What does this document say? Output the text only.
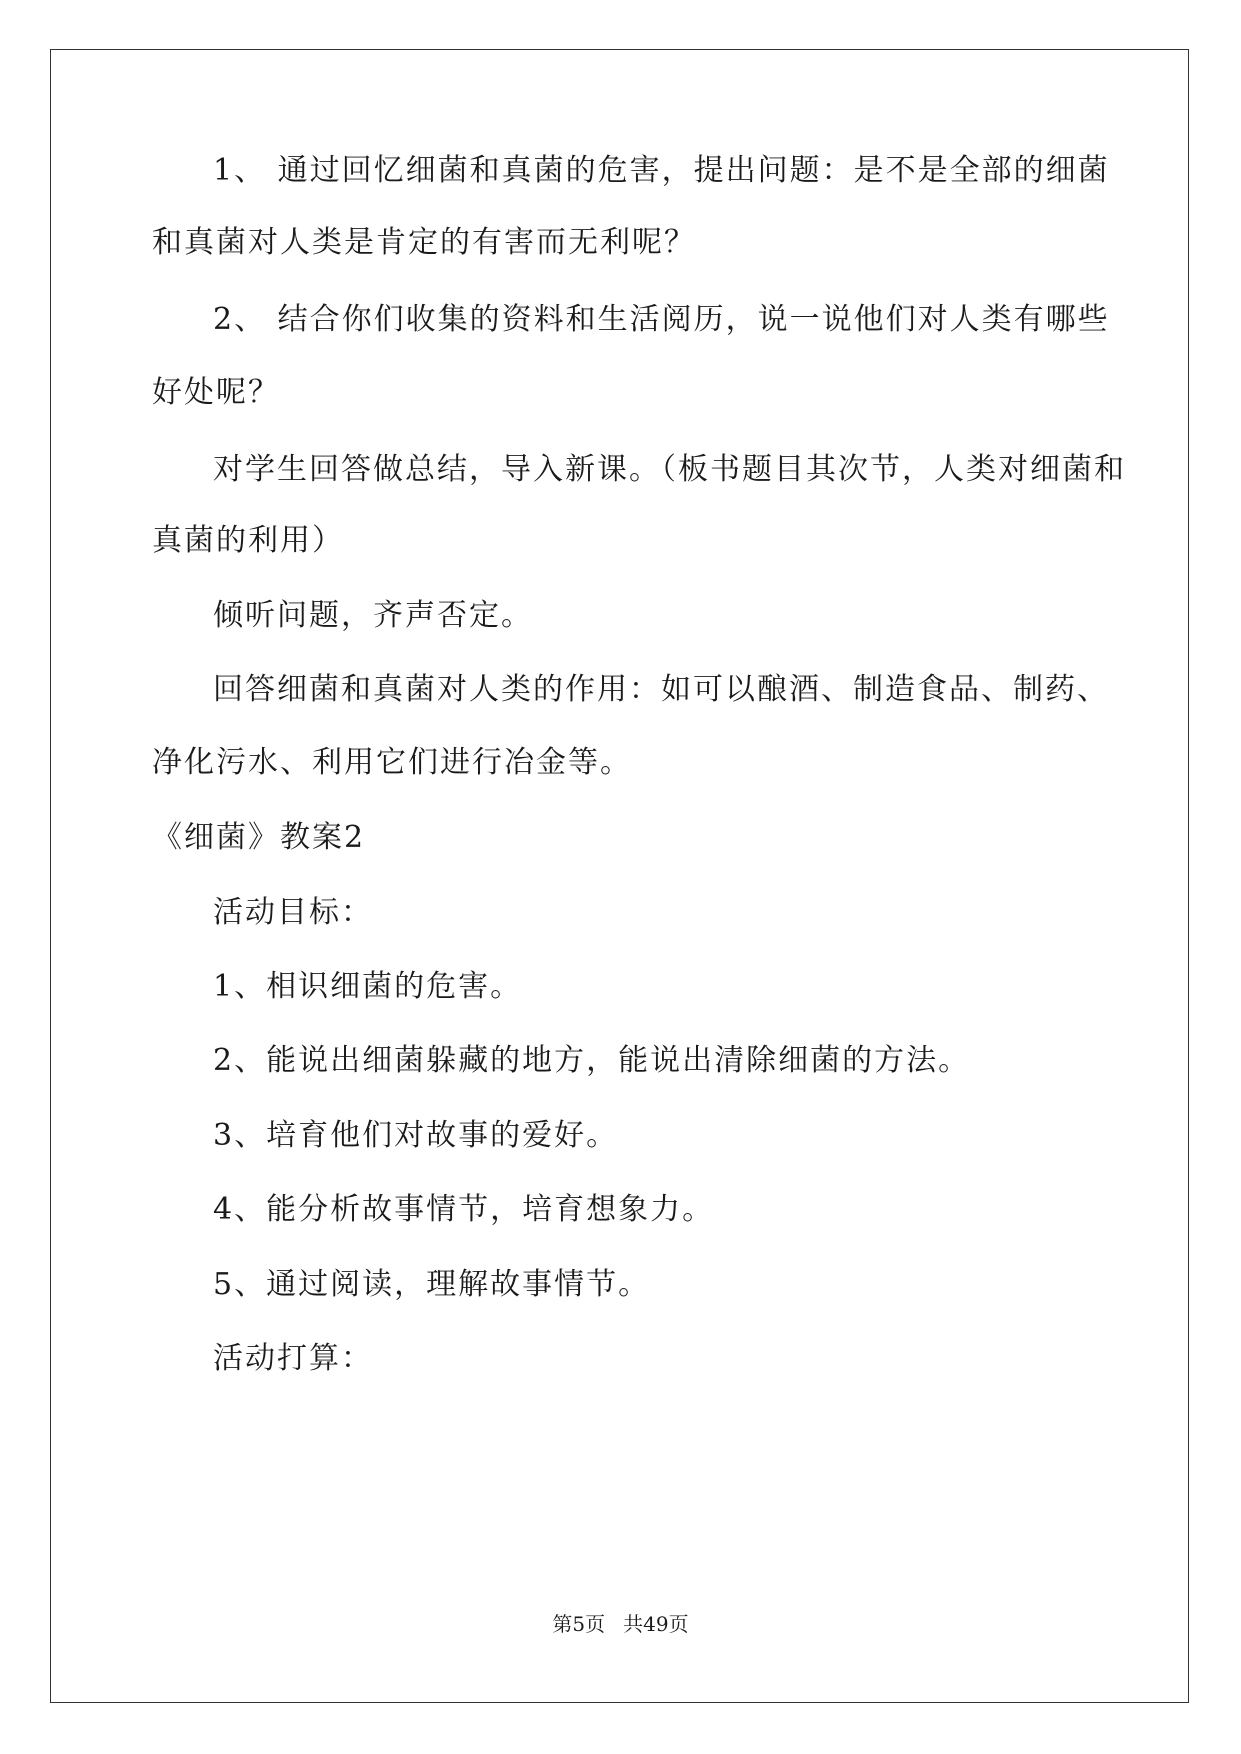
1、 通过回忆细菌和真菌的危害，提出问题：是不是全部的细菌
和真菌对人类是肯定的有害而无利呢？
2、 结合你们收集的资料和生活阅历，说一说他们对人类有哪些
好处呢？
对学生回答做总结，导入新课。（板书题目其次节，人类对细菌和
真菌的利用）
倾听问题，齐声否定。
回答细菌和真菌对人类的作用：如可以酿酒、制造食品、制药、
净化污水、利用它们进行冶金等。
《细菌》教案2
活动目标：
1、相识细菌的危害。
2、能说出细菌躲藏的地方，能说出清除细菌的方法。
3、培育他们对故事的爱好。
4、能分析故事情节，培育想象力。
5、通过阅读，理解故事情节。
活动打算：
第5页 共49页
